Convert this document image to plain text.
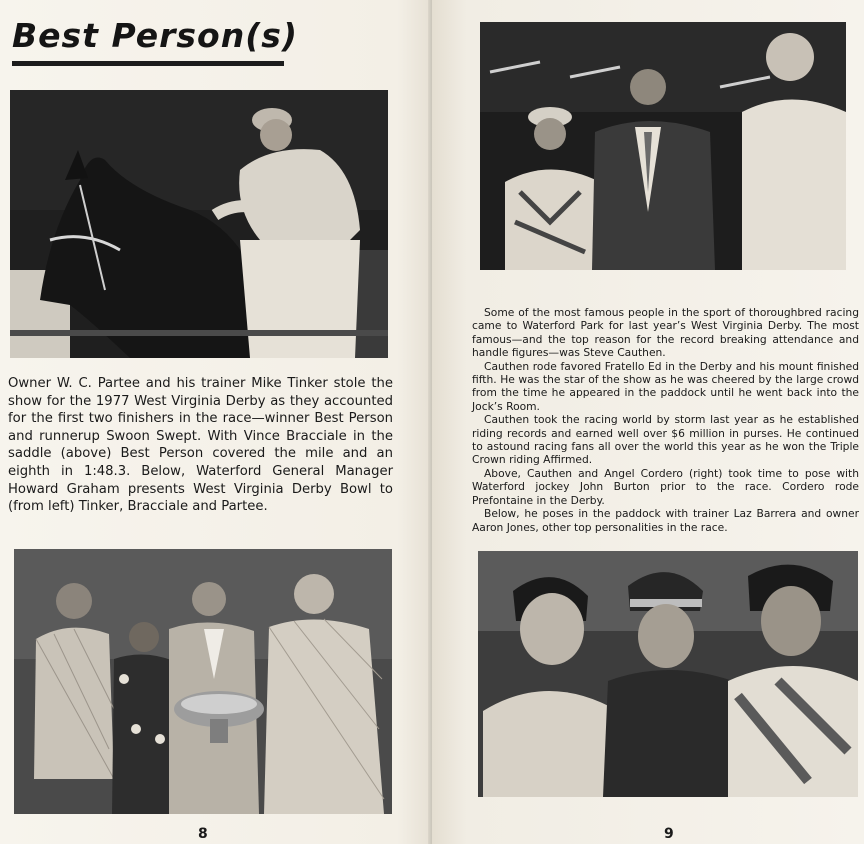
Best Person(s)

Owner W. C. Partee and his trainer Mike Tinker stole the show for the 1977 West Virginia Derby as they accounted for the first two finishers in the race—winner Best Person and runnerup Swoon Swept. With Vince Bracciale in the saddle (above) Best Person covered the mile and an eighth in 1:48.3. Below, Waterford General Manager Howard Graham presents West Virginia Derby Bowl to (from left) Tinker, Bracciale and Partee.

8	9

Some of the most famous people in the sport of thoroughbred racing came to Waterford Park for last year’s West Virginia Derby. The most famous—and the top reason for the record breaking attendance and handle figures—was Steve Cauthen.

Cauthen rode favored Fratello Ed in the Derby and his mount finished fifth. He was the star of the show as he was cheered by the large crowd from the time he appeared in the paddock until he went back into the Jock’s Room.

Cauthen took the racing world by storm last year as he established riding records and earned well over $6 million in purses. He continued to astound racing fans all over the world this year as he won the Triple Crown riding Affirmed.

Above, Cauthen and Angel Cordero (right) took time to pose with Waterford jockey John Burton prior to the race. Cordero rode Prefontaine in the Derby.

Below, he poses in the paddock with trainer Laz Barrera and owner Aaron Jones, other top personalities in the race.
